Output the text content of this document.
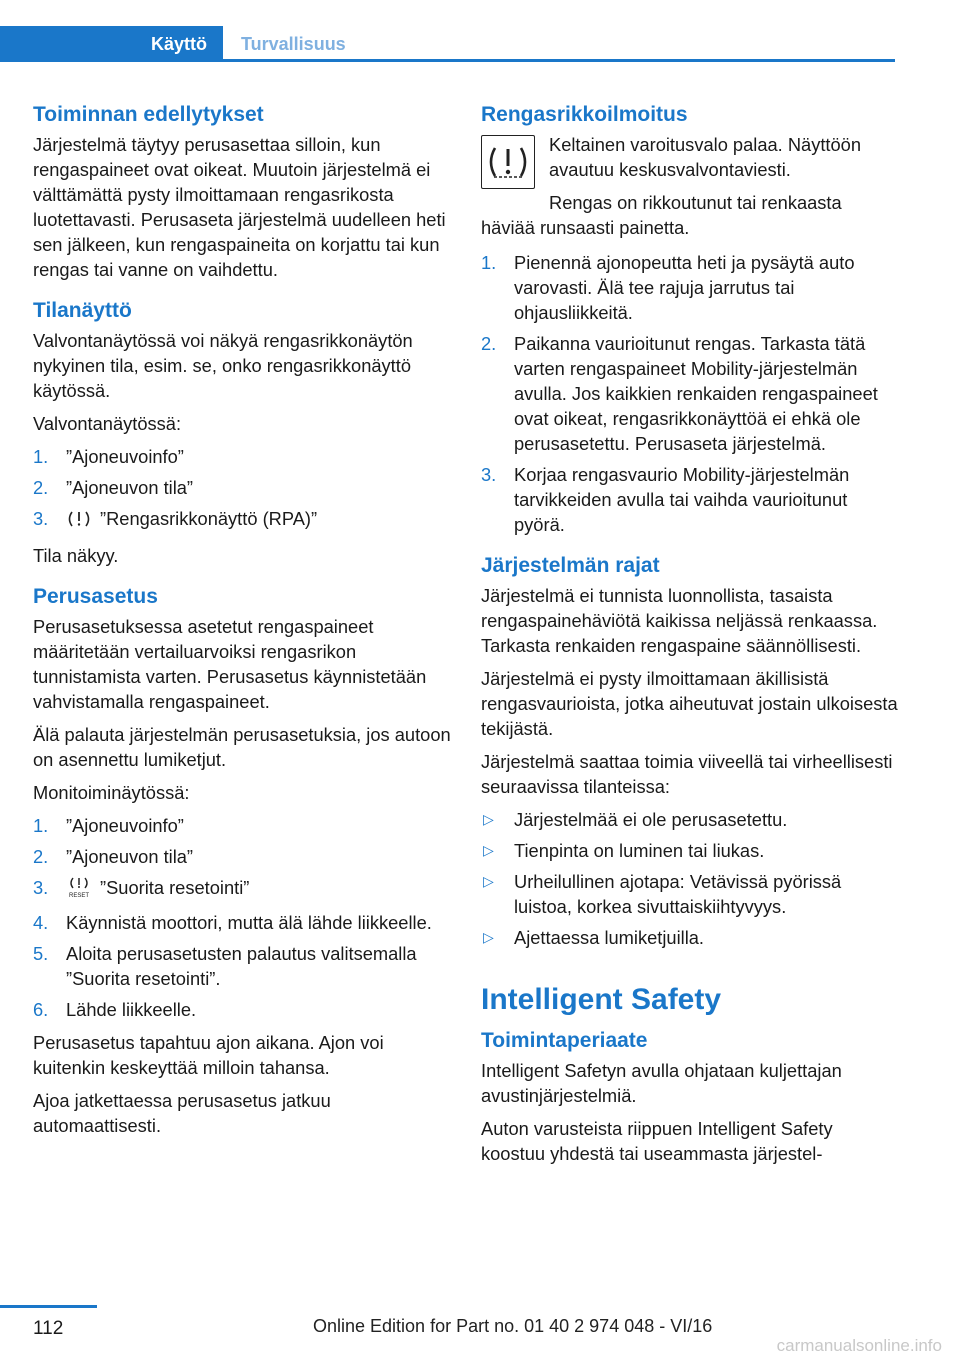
Käyttö	Turvallisuus
Toiminnan edellytykset

Järjestelmä täytyy perusasettaa silloin, kun rengaspaineet ovat oikeat. Muutoin järjestelmä ei välttämättä pysty ilmoittamaan rengasrikosta luotettavasti. Perusaseta järjestelmä uudelleen heti sen jälkeen, kun rengaspaineita on korjattu tai kun rengas tai vanne on vaihdettu.

Tilanäyttö

Valvontanäytössä voi näkyä rengasrikkonäytön nykyinen tila, esim. se, onko rengasrikkonäyttö käytössä.

Valvontanäytössä:

1. ”Ajoneuvoinfo”
2. ”Ajoneuvon tila”
3.	”Rengasrikkonäyttö (RPA)”

Tila näkyy.

Perusasetus

Perusasetuksessa asetetut rengaspaineet määritetään vertailuarvoiksi rengasrikon tunnistamista varten. Perusasetus käynnistetään vahvistamalla rengaspaineet.

Älä palauta järjestelmän perusasetuksia, jos autoon on asennettu lumiketjut.

Monitoiminäytössä:

1. ”Ajoneuvoinfo”
2. ”Ajoneuvon tila”
3.	RESET ”Suorita resetointi”
4. Käynnistä moottori, mutta älä lähde liikkeelle.
5. Aloita perusasetusten palautus valitsemalla ”Suorita resetointi”.
6. Lähde liikkeelle.

Perusasetus tapahtuu ajon aikana. Ajon voi kuitenkin keskeyttää milloin tahansa.

Ajoa jatkettaessa perusasetus jatkuu automaattisesti.

Rengasrikkoilmoitus

Keltainen varoitusvalo palaa. Näyttöön avautuu keskusvalvontaviesti.

Rengas on rikkoutunut tai renkaasta häviää runsaasti painetta.

1. Pienennä ajonopeutta heti ja pysäytä auto varovasti. Älä tee rajuja jarrutus tai ohjausliikkeitä.
2. Paikanna vaurioitunut rengas. Tarkasta tätä varten rengaspaineet Mobility-järjestelmän avulla. Jos kaikkien renkaiden rengaspaineet ovat oikeat, rengasrikkonäyttöä ei ehkä ole perusasetettu. Perusaseta järjestelmä.
3. Korjaa rengasvaurio Mobility-järjestelmän tarvikkeiden avulla tai vaihda vaurioitunut pyörä.
Järjestelmän rajat

Järjestelmä ei tunnista luonnollista, tasaista rengaspainehäviötä kaikissa neljässä renkaassa. Tarkasta renkaiden rengaspaine säännöllisesti.

Järjestelmä ei pysty ilmoittamaan äkillisistä rengasvaurioista, jotka aiheutuvat jostain ulkoisesta tekijästä.

Järjestelmä saattaa toimia viiveellä tai virheellisesti seuraavissa tilanteissa:

▷ Järjestelmää ei ole perusasetettu.
▷ Tienpinta on luminen tai liukas.
▷ Urheilullinen ajotapa: Vetävissä pyörissä luistoa, korkea sivuttaiskiihtyvyys.
▷ Ajettaessa lumiketjuilla.
Intelligent Safety
Toimintaperiaate

Intelligent Safetyn avulla ohjataan kuljettajan avustinjärjestelmiä.

Auton varusteista riippuen Intelligent Safety koostuu yhdestä tai useammasta järjestel-

112	Online Edition for Part no. 01 40 2 974 048 - VI/16
carmanualsonline.info
